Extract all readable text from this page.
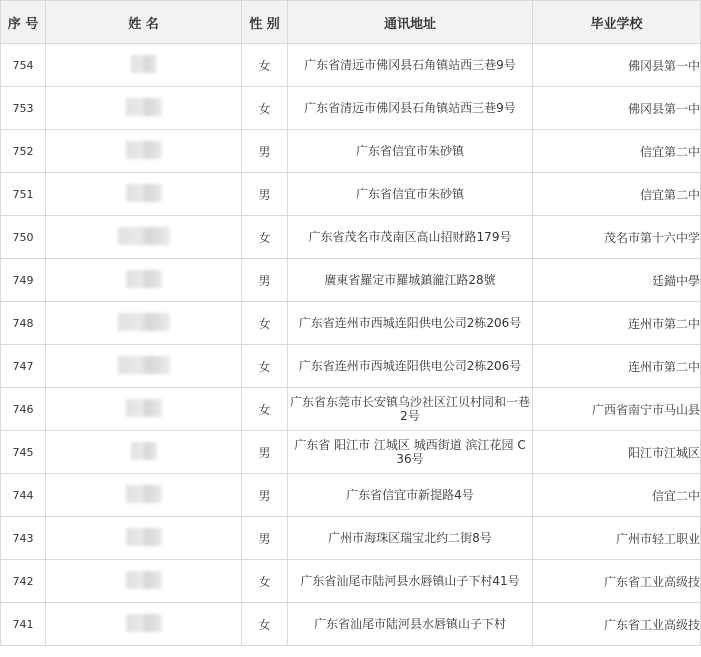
序 号	姓 名	性 别	通讯地址	毕业学校
754		女	广东省清远市佛冈县石角镇站西三巷9号	佛冈县第一中
753		女	广东省清远市佛冈县石角镇站西三巷9号	佛冈县第一中
752		男	广东省信宜市朱砂镇	信宜第二中
751		男	广东省信宜市朱砂镇	信宜第二中
750		女	广东省茂名市茂南区高山招财路179号	茂名市第十六中学
749		男	廣東省羅定市羅城鎮瀧江路28號	廷錨中學
748		女	广东省连州市西城连阳供电公司2栋206号	连州市第二中
747		女	广东省连州市西城连阳供电公司2栋206号	连州市第二中
746		女	广东省东莞市长安镇乌沙社区江贝村同和一巷2号	广西省南宁市马山县
745		男	广东省 阳江市 江城区 城西街道 滨江花园 C 36号	阳江市江城区
744		男	广东省信宜市新提路4号	信宜二中
743		男	广州市海珠区瑞宝北约二街8号	广州市轻工职业
742		女	广东省汕尾市陆河县水唇镇山子下村41号	广东省工业高级技
741		女	广东省汕尾市陆河县水唇镇山子下村	广东省工业高级技
